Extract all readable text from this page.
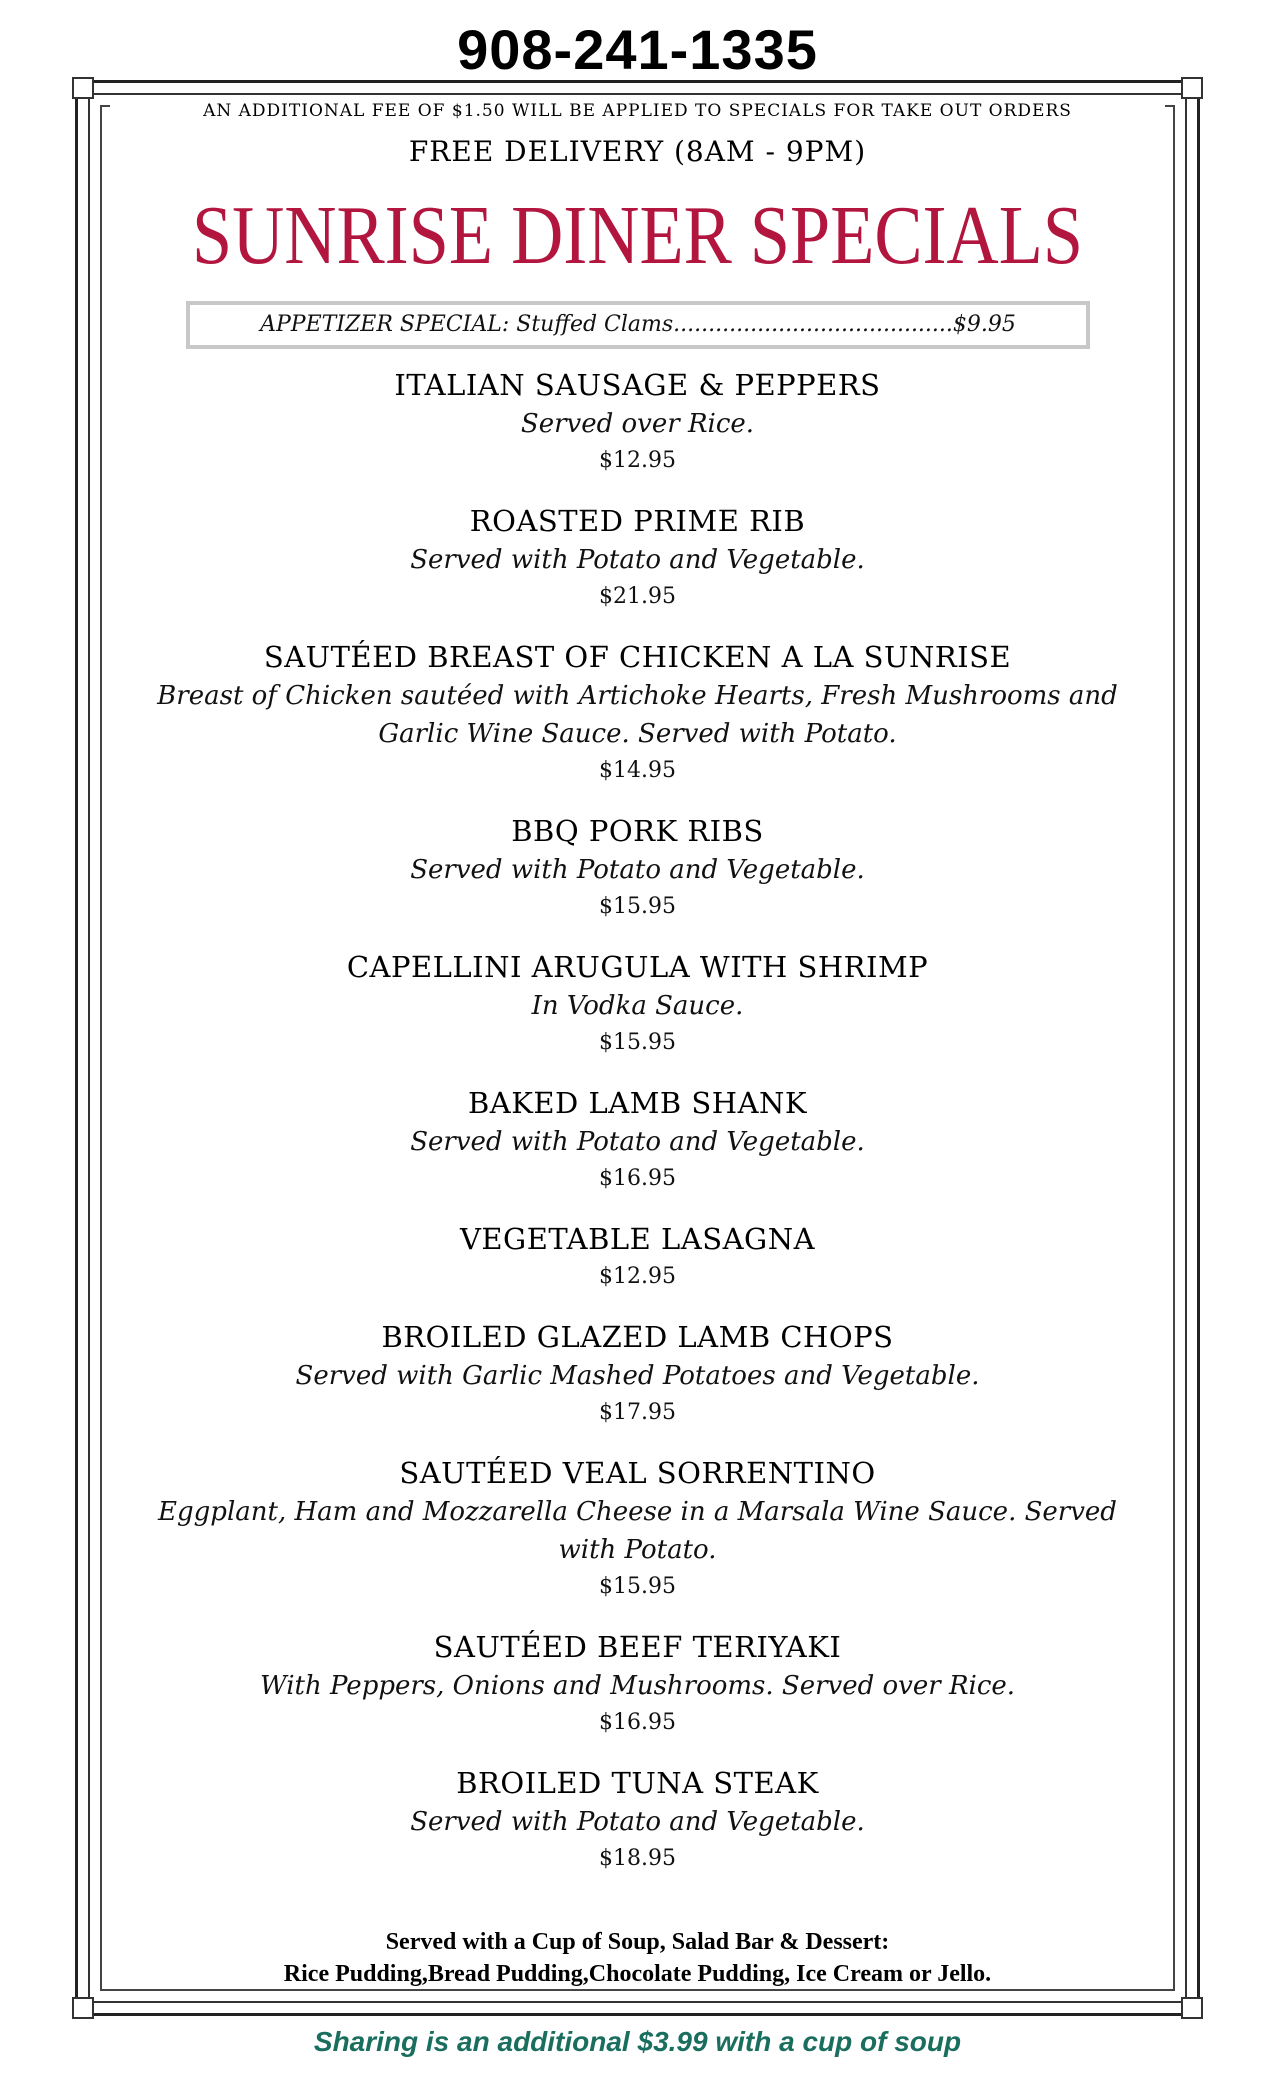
908-241-1335
AN ADDITIONAL FEE OF $1.50 WILL BE APPLIED TO SPECIALS FOR TAKE OUT ORDERS
FREE DELIVERY (8AM - 9PM)
SUNRISE DINER SPECIALS
APPETIZER SPECIAL: Stuffed Clams........................................$9.95
ITALIAN SAUSAGE & PEPPERS
Served over Rice.
$12.95
ROASTED PRIME RIB
Served with Potato and Vegetable.
$21.95
SAUTÉED BREAST OF CHICKEN A LA SUNRISE
Breast of Chicken sautéed with Artichoke Hearts, Fresh Mushrooms and Garlic Wine Sauce. Served with Potato.
$14.95
BBQ PORK RIBS
Served with Potato and Vegetable.
$15.95
CAPELLINI ARUGULA WITH SHRIMP
In Vodka Sauce.
$15.95
BAKED LAMB SHANK
Served with Potato and Vegetable.
$16.95
VEGETABLE LASAGNA
$12.95
BROILED GLAZED LAMB CHOPS
Served with Garlic Mashed Potatoes and Vegetable.
$17.95
SAUTÉED VEAL SORRENTINO
Eggplant, Ham and Mozzarella Cheese in a Marsala Wine Sauce. Served with Potato.
$15.95
SAUTÉED BEEF TERIYAKI
With Peppers, Onions and Mushrooms. Served over Rice.
$16.95
BROILED TUNA STEAK
Served with Potato and Vegetable.
$18.95
Served with a Cup of Soup, Salad Bar & Dessert:
Rice Pudding,Bread Pudding,Chocolate Pudding, Ice Cream or Jello.
Sharing is an additional $3.99 with a cup of soup
